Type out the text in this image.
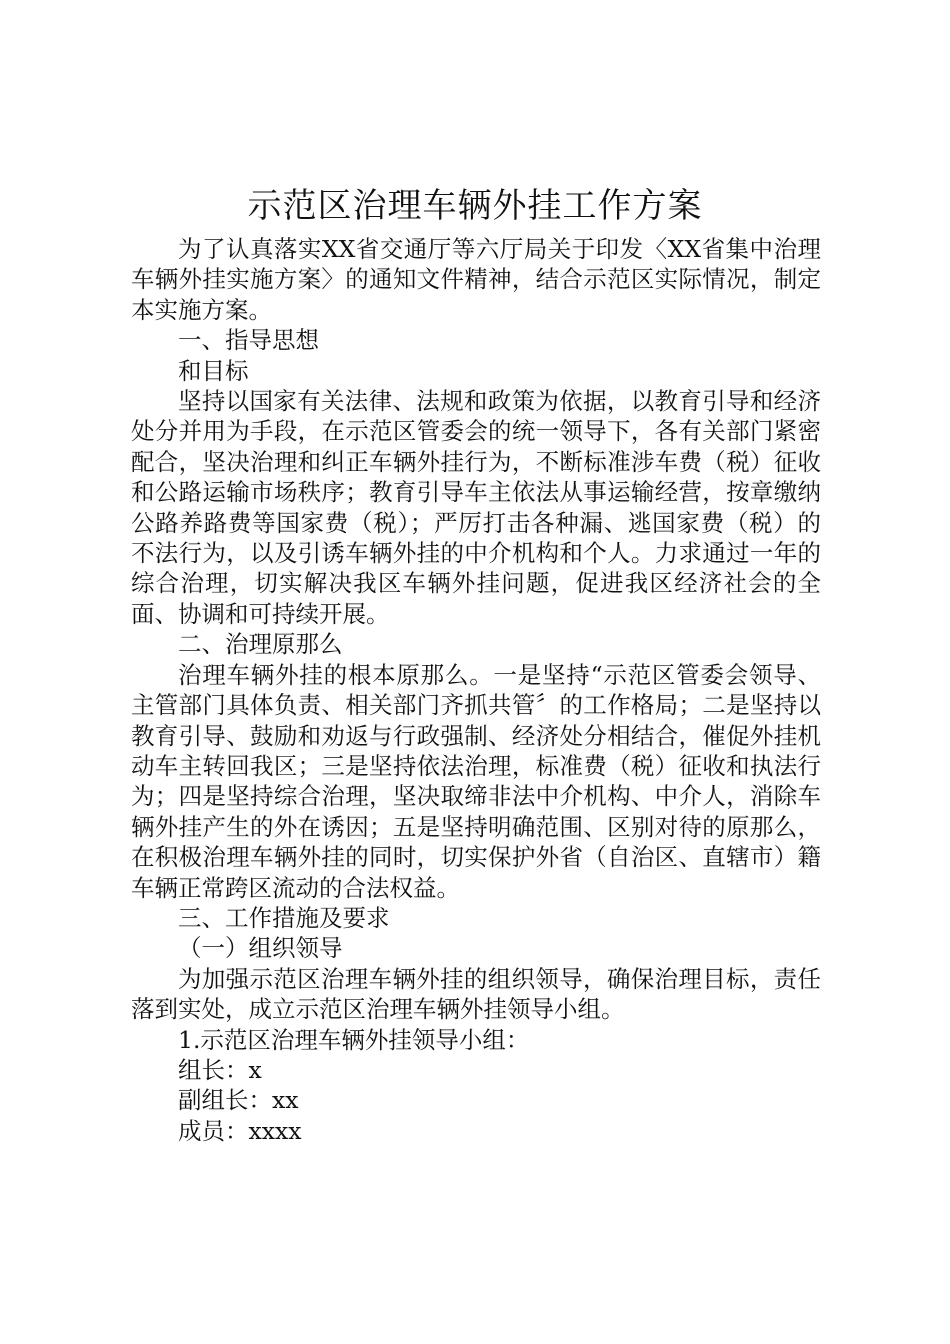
示范区治理车辆外挂工作方案

为了认真落实XX省交通厅等六厅局关于印发〈XX省集中治理车辆外挂实施方案〉的通知文件精神，结合示范区实际情况，制定本实施方案。

一、指导思想

和目标

坚持以国家有关法律、法规和政策为依据，以教育引导和经济处分并用为手段，在示范区管委会的统一领导下，各有关部门紧密配合，坚决治理和纠正车辆外挂行为，不断标准涉车费（税）征收和公路运输市场秩序；教育引导车主依法从事运输经营，按章缴纳公路养路费等国家费（税）；严厉打击各种漏、逃国家费（税）的不法行为，以及引诱车辆外挂的中介机构和个人。力求通过一年的综合治理，切实解决我区车辆外挂问题，促进我区经济社会的全面、协调和可持续开展。

二、治理原那么

治理车辆外挂的根本原那么。一是坚持“示范区管委会领导、主管部门具体负责、相关部门齐抓共管〞的工作格局；二是坚持以教育引导、鼓励和劝返与行政强制、经济处分相结合，催促外挂机动车主转回我区；三是坚持依法治理，标准费（税）征收和执法行为；四是坚持综合治理，坚决取缔非法中介机构、中介人，消除车辆外挂产生的外在诱因；五是坚持明确范围、区别对待的原那么，在积极治理车辆外挂的同时，切实保护外省（自治区、直辖市）籍车辆正常跨区流动的合法权益。

三、工作措施及要求

（一）组织领导

为加强示范区治理车辆外挂的组织领导，确保治理目标，责任落到实处，成立示范区治理车辆外挂领导小组。

1.示范区治理车辆外挂领导小组：

组长：x

副组长：xx

成员：xxxx
